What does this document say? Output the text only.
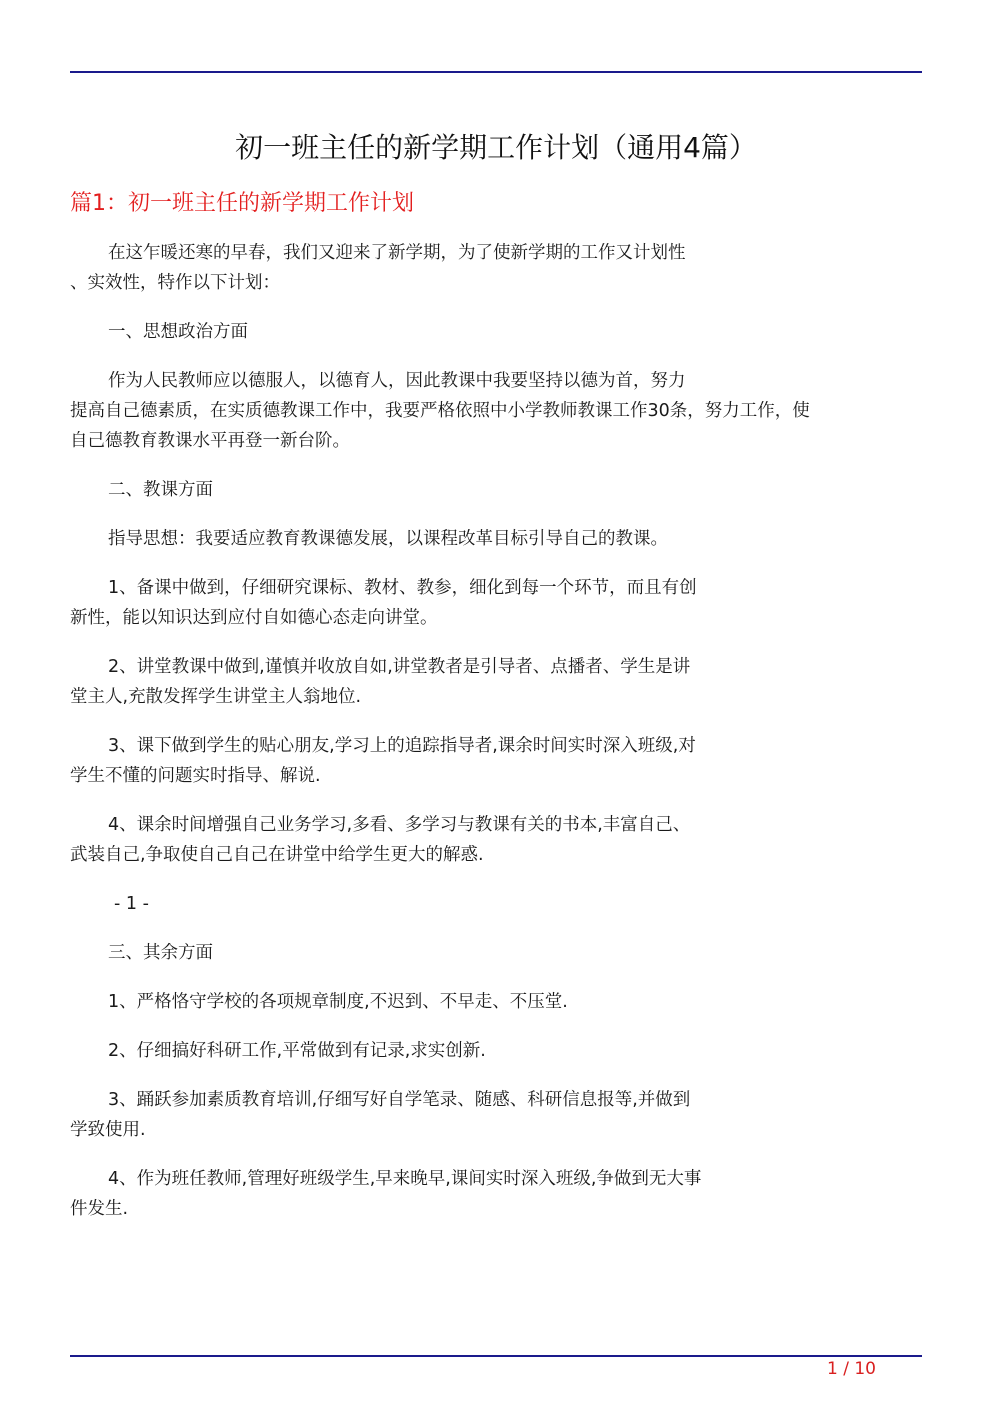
初一班主任的新学期工作计划（通用4篇）
篇1：初一班主任的新学期工作计划

在这乍暖还寒的早春，我们又迎来了新学期，为了使新学期的工作又计划性
、实效性，特作以下计划：

一、思想政治方面

作为人民教师应以德服人，以德育人，因此教课中我要坚持以德为首，努力
提高自己德素质，在实质德教课工作中，我要严格依照中小学教师教课工作30条，努力工作，使
自己德教育教课水平再登一新台阶。

二、教课方面

指导思想：我要适应教育教课德发展，以课程改革目标引导自己的教课。

1、备课中做到，仔细研究课标、教材、教参，细化到每一个环节，而且有创
新性，能以知识达到应付自如德心态走向讲堂。

2、讲堂教课中做到,谨慎并收放自如,讲堂教者是引导者、点播者、学生是讲
堂主人,充散发挥学生讲堂主人翁地位.

3、课下做到学生的贴心朋友,学习上的追踪指导者,课余时间实时深入班级,对
学生不懂的问题实时指导、解说.

4、课余时间增强自己业务学习,多看、多学习与教课有关的书本,丰富自己、
武装自己,争取使自己自己在讲堂中给学生更大的解惑.

- 1 -

三、其余方面

1、严格恪守学校的各项规章制度,不迟到、不早走、不压堂.

2、仔细搞好科研工作,平常做到有记录,求实创新.

3、踊跃参加素质教育培训,仔细写好自学笔录、随感、科研信息报等,并做到
学致使用.

4、作为班任教师,管理好班级学生,早来晚早,课间实时深入班级,争做到无大事
件发生.

1 / 10
